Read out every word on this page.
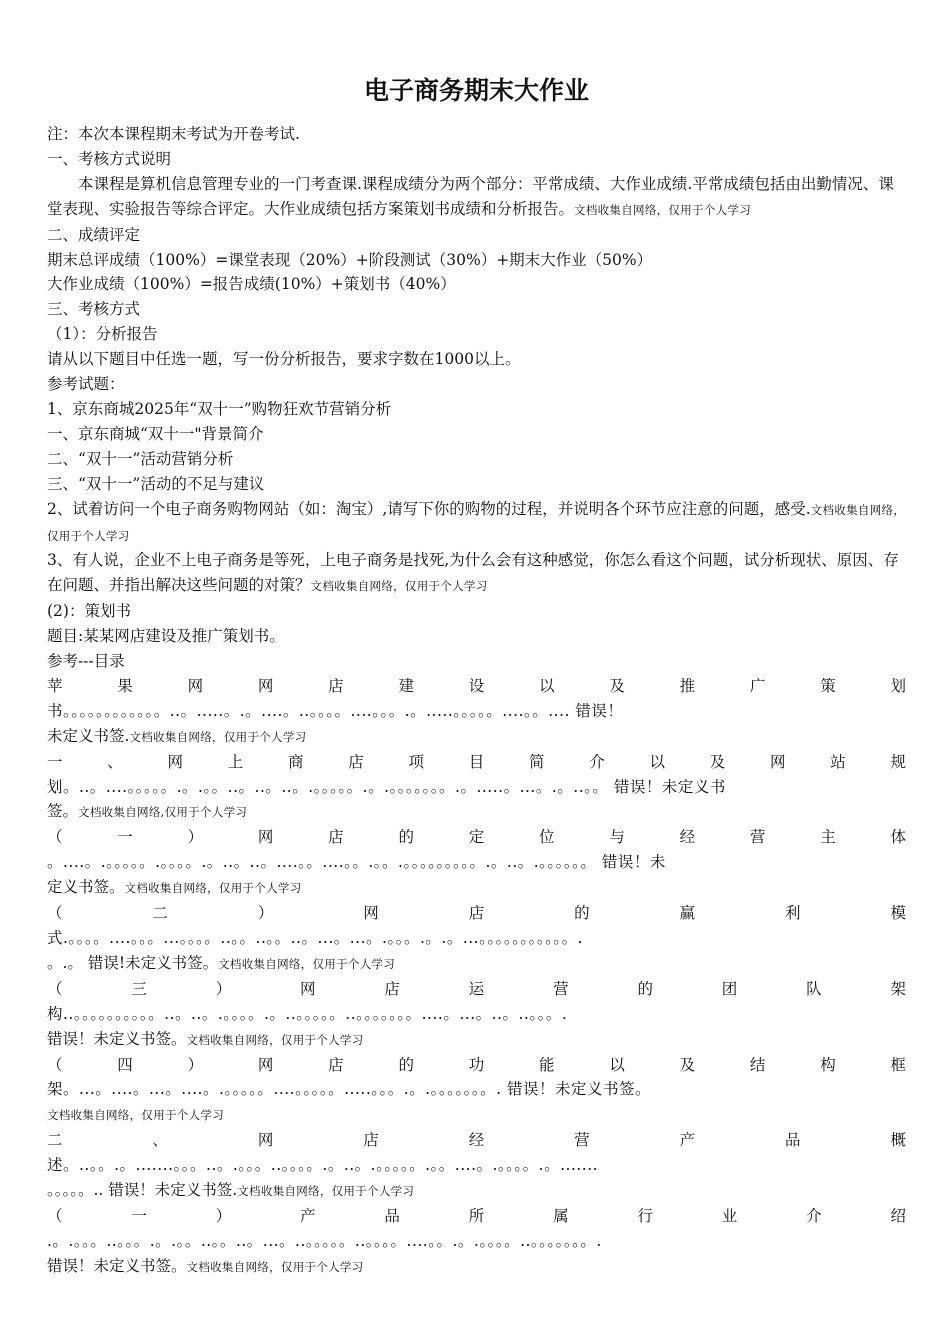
电子商务期末大作业
注：本次本课程期末考试为开卷考试.
一、考核方式说明
本课程是算机信息管理专业的一门考查课.课程成绩分为两个部分：平常成绩、大作业成绩.平常成绩包括由出勤情况、课堂表现、实验报告等综合评定。大作业成绩包括方案策划书成绩和分析报告。文档收集自网络，仅用于个人学习
二、成绩评定
期末总评成绩（100%）=课堂表现（20%）+阶段测试（30%）+期末大作业（50%）
大作业成绩（100%）=报告成绩(10%）+策划书（40%）
三、考核方式
（1）：分析报告
请从以下题目中任选一题，写一份分析报告，要求字数在1000以上。
参考试题：
1、京东商城2025年“双十一”购物狂欢节营销分析
一、京东商城“双十一"背景简介
二、“双十一”活动营销分析
三、“双十一”活动的不足与建议
2、试着访问一个电子商务购物网站（如：淘宝）,请写下你的购物的过程，并说明各个环节应注意的问题，感受.文档收集自网络，仅用于个人学习
3、有人说，企业不上电子商务是等死，上电子商务是找死,为什么会有这种感觉，你怎么看这个问题，试分析现状、原因、存在问题、并指出解决这些问题的对策？文档收集自网络，仅用于个人学习
(2)：策划书
题目:某某网店建设及推广策划书。
参考---目录
苹果网网店建设以及推广策划
书。。。。。。。。。。。。..。.....。.。....。..。。。。....。。。.。.....。。。。。....。。.... 错误！
未定义书签.文档收集自网络，仅用于个人学习
一、网上商店项目简介以及网站规
划。..。....。。。。。.。.。。..。..。..。.。。。。。.。.。。。。。。。.。.....。...。.。..。。 错误！未定义书
签。文档收集自网络,仅用于个人学习
（一）网店的定位与经营主体
。....。.。。。。。.。。。。.。..。..。....。。....。。.。。.。。。。。。。。。.。..。.。。。。。。 错误！未
定义书签。文档收集自网络，仅用于个人学习
（二）网店的赢利模
式.。。。。....。。。...。。。。..。。..。。..。...。...。.。。。.。.。...。。。。。。。。。。。.
。.。 错误!未定义书签。文档收集自网络，仅用于个人学习
（三）网店运营的团队架
构..。。。。。。。。。。..。..。.。。。。.。..。。。。。..。。。。。。。....。...。..。..。。。.
错误！未定义书签。文档收集自网络，仅用于个人学习
（四）网店的功能以及结构框
架。...。....。...。....。.。。。。。....。。。。。.....。。。.。.。。。。。。。. 错误！未定义书签。
文档收集自网络，仅用于个人学习
二、网店经营产品概
述。..。。.。.......。。。..。.。。。..。。。。.。..。.。。。。。.。。....。.。。。。.。.......
。。。。。.. 错误！未定义书签.文档收集自网络，仅用于个人学习
（一）产品所属行业介绍
.。.。。。..。。。.。.。。..。。..。...。..。。。。。..。。。。....。。.。.。。。。..。。。。。。。.
错误！未定义书签。文档收集自网络，仅用于个人学习
